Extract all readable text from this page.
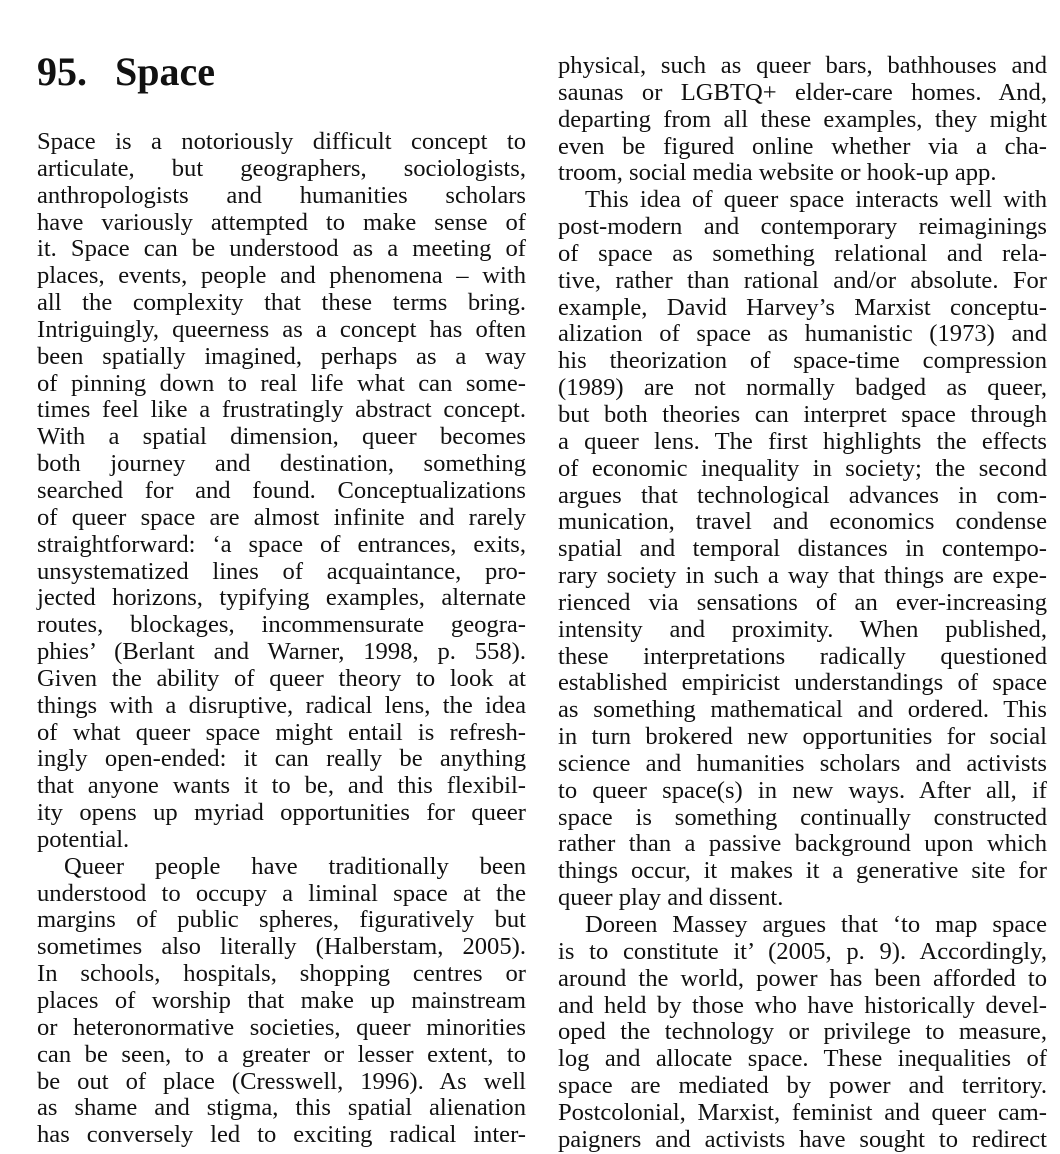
95. Space
Space is a notoriously difficult concept to
articulate, but geographers, sociologists,
anthropologists and humanities scholars
have variously attempted to make sense of
it. Space can be understood as a meeting of
places, events, people and phenomena – with
all the complexity that these terms bring.
Intriguingly, queerness as a concept has often
been spatially imagined, perhaps as a way
of pinning down to real life what can some-
times feel like a frustratingly abstract concept.
With a spatial dimension, queer becomes
both journey and destination, something
searched for and found. Conceptualizations
of queer space are almost infinite and rarely
straightforward: ‘a space of entrances, exits,
unsystematized lines of acquaintance, pro-
jected horizons, typifying examples, alternate
routes, blockages, incommensurate geogra-
phies’ (Berlant and Warner, 1998, p. 558).
Given the ability of queer theory to look at
things with a disruptive, radical lens, the idea
of what queer space might entail is refresh-
ingly open-ended: it can really be anything
that anyone wants it to be, and this flexibil-
ity opens up myriad opportunities for queer
potential.
Queer people have traditionally been
understood to occupy a liminal space at the
margins of public spheres, figuratively but
sometimes also literally (Halberstam, 2005).
In schools, hospitals, shopping centres or
places of worship that make up mainstream
or heteronormative societies, queer minorities
can be seen, to a greater or lesser extent, to
be out of place (Cresswell, 1996). As well
as shame and stigma, this spatial alienation
has conversely led to exciting radical inter-
physical, such as queer bars, bathhouses and
saunas or LGBTQ+ elder-care homes. And,
departing from all these examples, they might
even be figured online whether via a cha-
troom, social media website or hook-up app.
This idea of queer space interacts well with
post-modern and contemporary reimaginings
of space as something relational and rela-
tive, rather than rational and/or absolute. For
example, David Harvey’s Marxist conceptu-
alization of space as humanistic (1973) and
his theorization of space-time compression
(1989) are not normally badged as queer,
but both theories can interpret space through
a queer lens. The first highlights the effects
of economic inequality in society; the second
argues that technological advances in com-
munication, travel and economics condense
spatial and temporal distances in contempo-
rary society in such a way that things are expe-
rienced via sensations of an ever-increasing
intensity and proximity. When published,
these interpretations radically questioned
established empiricist understandings of space
as something mathematical and ordered. This
in turn brokered new opportunities for social
science and humanities scholars and activists
to queer space(s) in new ways. After all, if
space is something continually constructed
rather than a passive background upon which
things occur, it makes it a generative site for
queer play and dissent.
Doreen Massey argues that ‘to map space
is to constitute it’ (2005, p. 9). Accordingly,
around the world, power has been afforded to
and held by those who have historically devel-
oped the technology or privilege to measure,
log and allocate space. These inequalities of
space are mediated by power and territory.
Postcolonial, Marxist, feminist and queer cam-
paigners and activists have sought to redirect
